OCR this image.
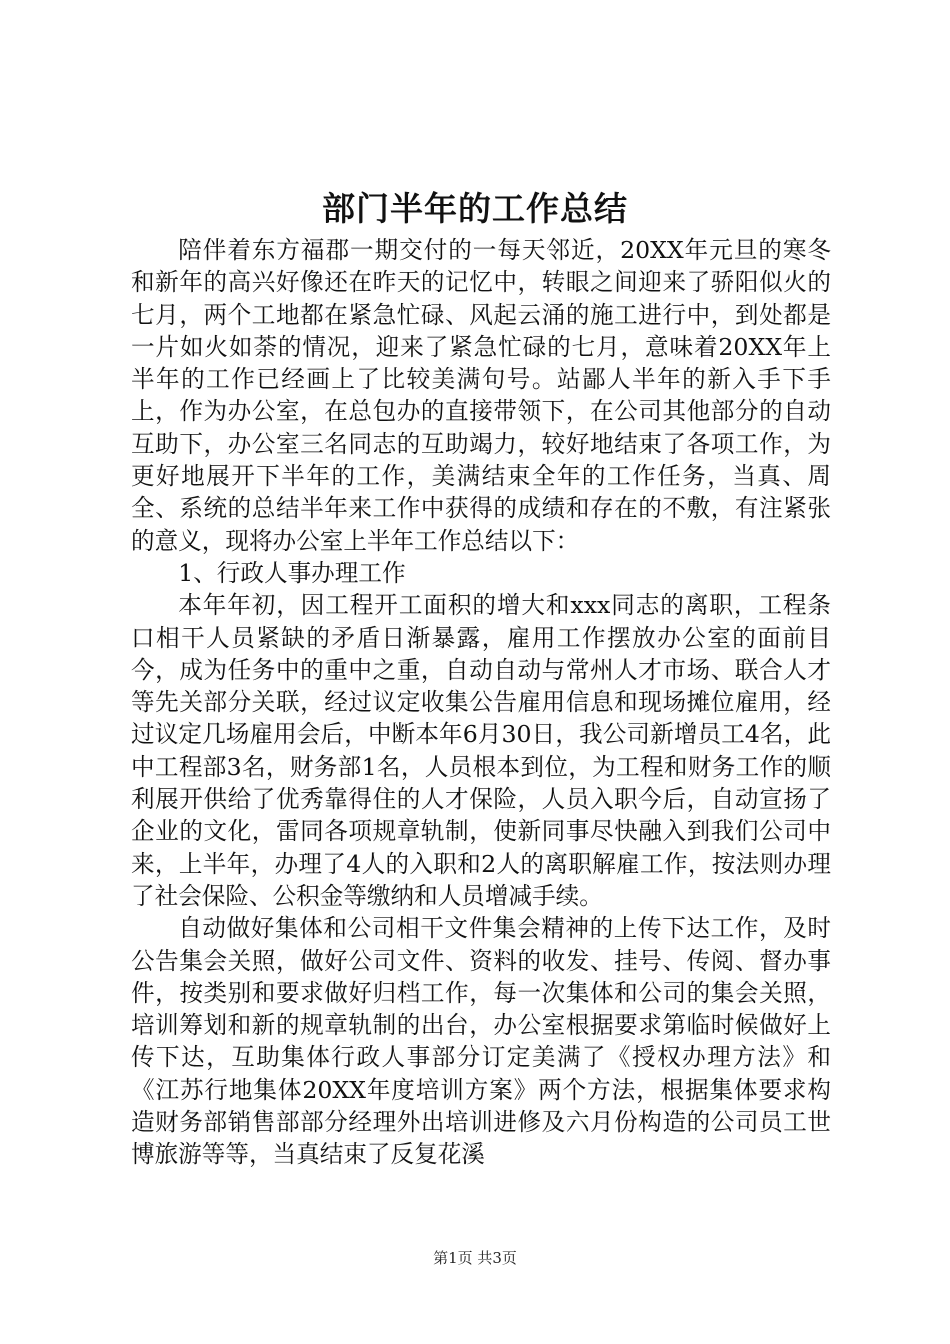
部门半年的工作总结

陪伴着东方福郡一期交付的一每天邻近，20XX年元旦的寒冬和新年的高兴好像还在昨天的记忆中，转眼之间迎来了骄阳似火的七月，两个工地都在紧急忙碌、风起云涌的施工进行中，到处都是一片如火如荼的情况，迎来了紧急忙碌的七月，意味着20XX年上半年的工作已经画上了比较美满句号。站鄙人半年的新入手下手上，作为办公室，在总包办的直接带领下，在公司其他部分的自动互助下，办公室三名同志的互助竭力，较好地结束了各项工作，为更好地展开下半年的工作，美满结束全年的工作任务，当真、周全、系统的总结半年来工作中获得的成绩和存在的不敷，有注紧张的意义，现将办公室上半年工作总结以下：

1、行政人事办理工作

本年年初，因工程开工面积的增大和xxx同志的离职，工程条口相干人员紧缺的矛盾日渐暴露，雇用工作摆放办公室的面前目今，成为任务中的重中之重，自动自动与常州人才市场、联合人才等先关部分关联，经过议定收集公告雇用信息和现场摊位雇用，经过议定几场雇用会后，中断本年6月30日，我公司新增员工4名，此中工程部3名，财务部1名，人员根本到位，为工程和财务工作的顺利展开供给了优秀靠得住的人才保险，人员入职今后，自动宣扬了企业的文化，雷同各项规章轨制，使新同事尽快融入到我们公司中来，上半年，办理了4人的入职和2人的离职解雇工作，按法则办理了社会保险、公积金等缴纳和人员增减手续。

自动做好集体和公司相干文件集会精神的上传下达工作，及时公告集会关照，做好公司文件、资料的收发、挂号、传阅、督办事件，按类别和要求做好归档工作，每一次集体和公司的集会关照，培训筹划和新的规章轨制的出台，办公室根据要求第临时候做好上传下达，互助集体行政人事部分订定美满了《授权办理方法》和《江苏行地集体20XX年度培训方案》两个方法，根据集体要求构造财务部销售部部分经理外出培训进修及六月份构造的公司员工世博旅游等等，当真结束了反复花溪

第1页 共3页
